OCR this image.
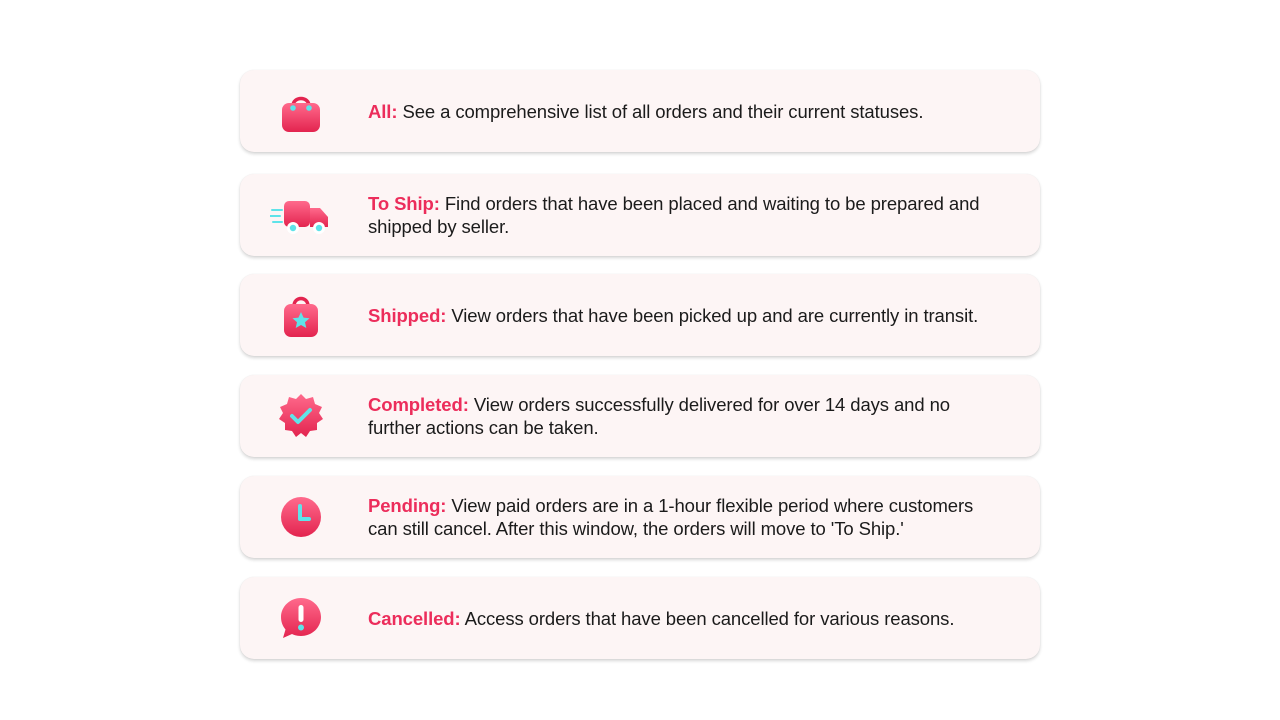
All: See a comprehensive list of all orders and their current statuses.

To Ship: Find orders that have been placed and waiting to be prepared and shipped by seller.

Shipped: View orders that have been picked up and are currently in transit.

Completed: View orders successfully delivered for over 14 days and no further actions can be taken.

Pending: View paid orders are in a 1-hour flexible period where customers can still cancel. After this window, the orders will move to 'To Ship.'

Cancelled: Access orders that have been cancelled for various reasons.
